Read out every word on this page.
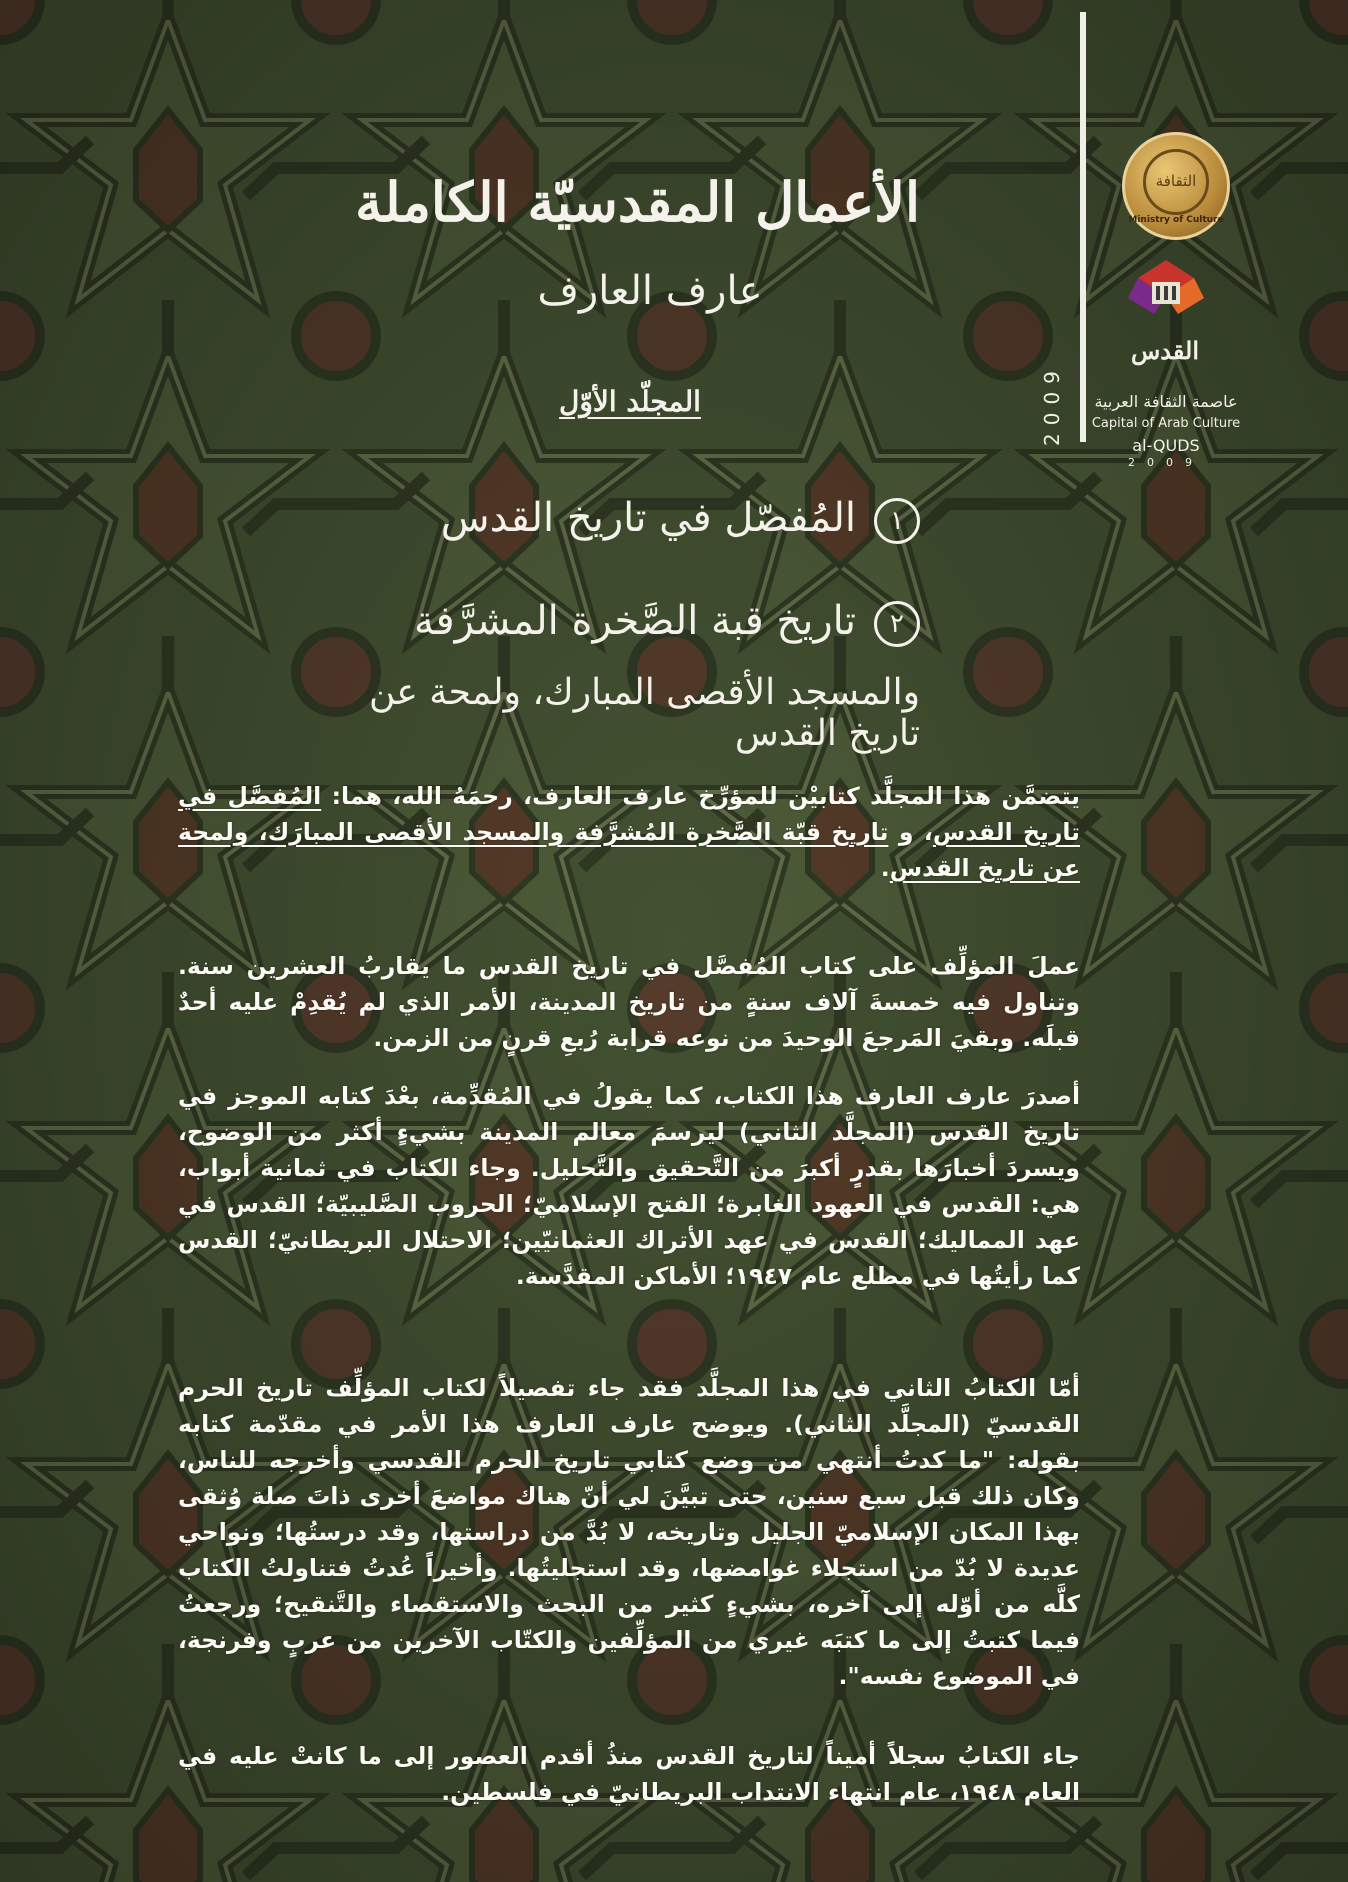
2009
الثقافة
Ministry of Culture
القدس
عاصمة الثقافة العربية
Capital of Arab Culture
al-QUDS
2009
الأعمال المقدسيّة الكاملة
عارف العارف
المجلّد الأوّل
١المُفصّل في تاريخ القدس
٢تاريخ قبة الصَّخرة المشرَّفة
والمسجد الأقصى المبارك، ولمحة عن تاريخ القدس
يتضمَّن هذا المجلَّد كتابيْن للمؤرِّخ عارف العارف، رحمَهُ الله، هما: المُفصَّل في تاريخ القدس، و تاريخ قبّة الصَّخرة المُشرَّفة والمسجد الأقصى المبارَك، ولمحة عن تاريخ القدس.
عملَ المؤلِّف على كتاب المُفصَّل في تاريخ القدس ما يقاربُ العشرين سنة. وتناول فيه خمسةَ آلاف سنةٍ من تاريخ المدينة، الأمر الذي لم يُقدِمْ عليه أحدٌ قبلَه. وبقيَ المَرجعَ الوحيدَ من نوعه قرابة رُبعِ قرنٍ من الزمن.
أصدرَ عارف العارف هذا الكتاب، كما يقولُ في المُقدِّمة، بعْدَ كتابه الموجز في تاريخ القدس (المجلَّد الثاني) ليرسمَ معالم المدينة بشيءٍ أكثر من الوضوح، ويسردَ أخبارَها بقدرٍ أكبرَ من التَّحقيق والتَّحليل. وجاء الكتاب في ثمانية أبواب، هي: القدس في العهود الغابرة؛ الفتح الإسلاميّ؛ الحروب الصَّليبيّة؛ القدس في عهد المماليك؛ القدس في عهد الأتراك العثمانيّين؛ الاحتلال البريطانيّ؛ القدس كما رأيتُها في مطلع عام ١٩٤٧؛ الأماكن المقدَّسة.
أمّا الكتابُ الثاني في هذا المجلَّد فقد جاء تفصيلاً لكتاب المؤلِّف تاريخ الحرم القدسيّ (المجلَّد الثاني). ويوضح عارف العارف هذا الأمر في مقدّمة كتابه بقوله: "ما كدتُ أنتهي من وضع كتابي تاريخ الحرم القدسي وأخرجه للناس، وكان ذلك قبل سبع سنين، حتى تبيَّنَ لي أنّ هناك مواضعَ أخرى ذاتَ صلة وُثقى بهذا المكان الإسلاميّ الجليل وتاريخه، لا بُدَّ من دراستها، وقد درستُها؛ ونواحي عديدة لا بُدّ من استجلاء غوامضها، وقد استجليتُها. وأخيراً عُدتُ فتناولتُ الكتاب كلَّه من أوّله إلى آخره، بشيءٍ كثير من البحث والاستقصاء والتَّنقيح؛ ورجعتُ فيما كتبتُ إلى ما كتبَه غيري من المؤلِّفين والكتّاب الآخرين من عربٍ وفرنجة، في الموضوع نفسه".
جاء الكتابُ سجلاً أميناً لتاريخ القدس منذُ أقدم العصور إلى ما كانتْ عليه في العام ١٩٤٨، عام انتهاء الانتداب البريطانيّ في فلسطين.
